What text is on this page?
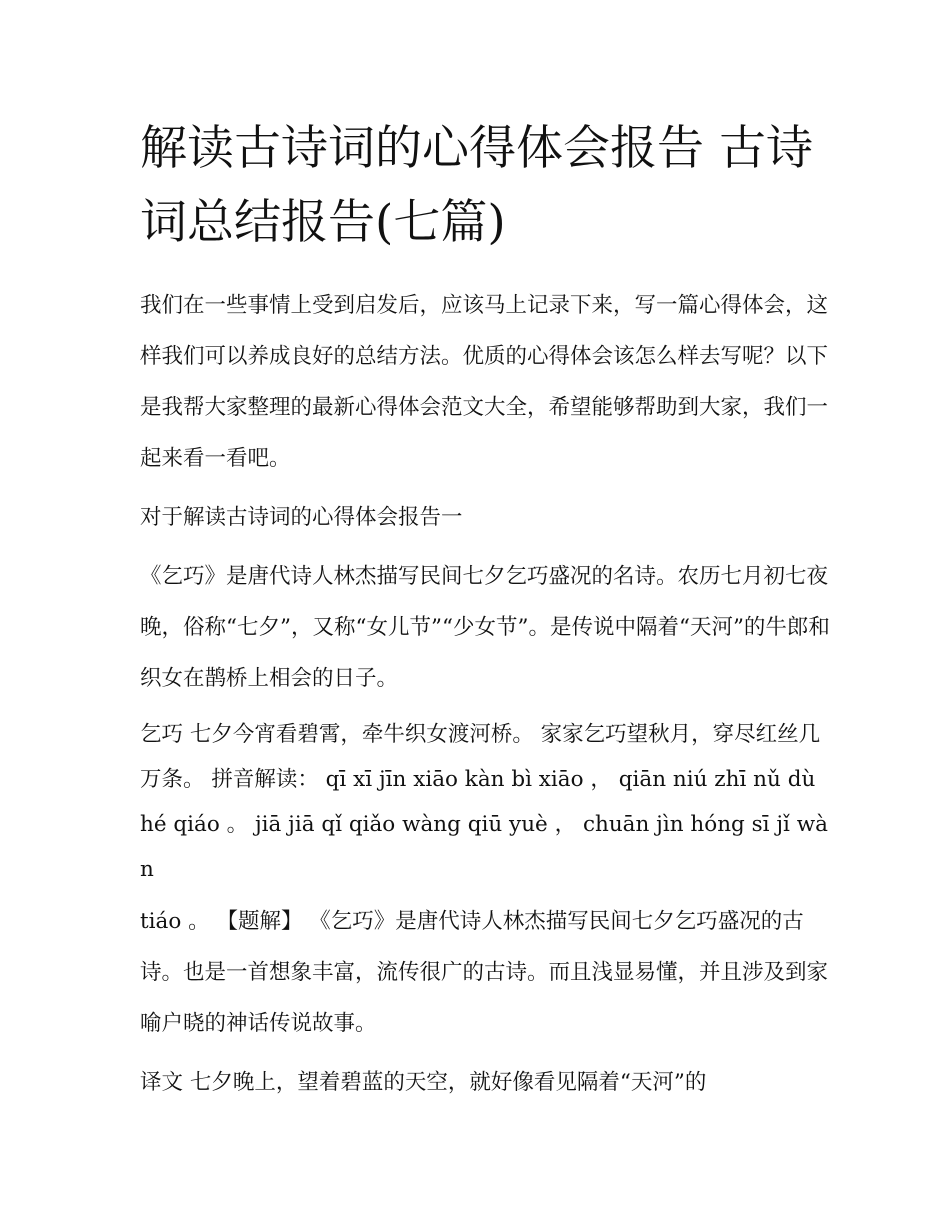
解读古诗词的心得体会报告 古诗词总结报告(七篇)

我们在一些事情上受到启发后，应该马上记录下来，写一篇心得体会，这样我们可以养成良好的总结方法。优质的心得体会该怎么样去写呢？以下是我帮大家整理的最新心得体会范文大全，希望能够帮助到大家，我们一起来看一看吧。

对于解读古诗词的心得体会报告一

《乞巧》是唐代诗人林杰描写民间七夕乞巧盛况的名诗。农历七月初七夜晚，俗称“七夕”，又称“女儿节”“少女节”。是传说中隔着“天河”的牛郎和织女在鹊桥上相会的日子。

乞巧 七夕今宵看碧霄，牵牛织女渡河桥。 家家乞巧望秋月，穿尽红丝几万条。 拼音解读： qī xī jīn xiāo kàn bì xiāo ， qiān niú zhī nǔ dù hé qiáo 。 jiā jiā qǐ qiǎo wàng qiū yuè ， chuān jìn hóng sī jǐ wàn

tiáo 。 【题解】 《乞巧》是唐代诗人林杰描写民间七夕乞巧盛况的古诗。也是一首想象丰富，流传很广的古诗。而且浅显易懂，并且涉及到家喻户晓的神话传说故事。

译文 七夕晚上，望着碧蓝的天空，就好像看见隔着“天河”的
